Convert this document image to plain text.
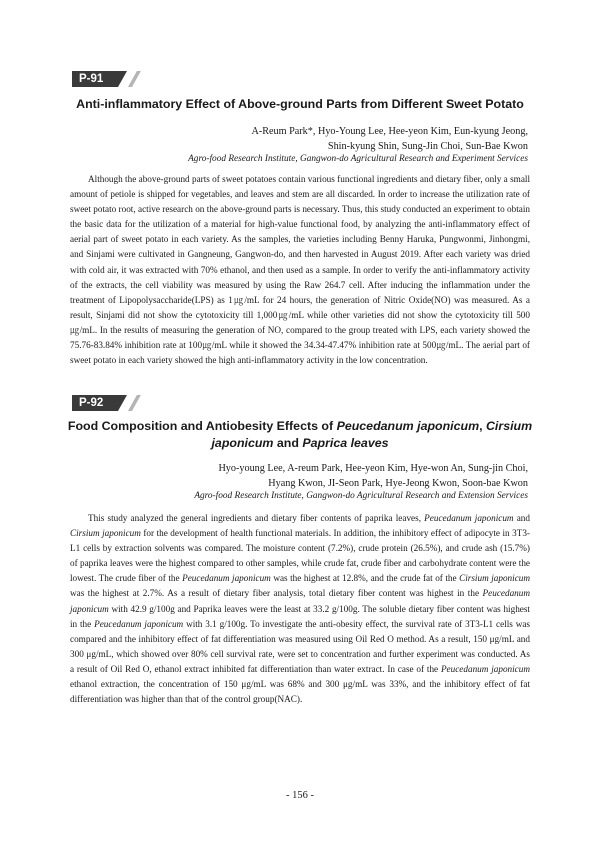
P-91
Anti-inflammatory Effect of Above-ground Parts from Different Sweet Potato
A-Reum Park*, Hyo-Young Lee, Hee-yeon Kim, Eun-kyung Jeong,
Shin-kyung Shin, Sung-Jin Choi, Sun-Bae Kwon

Agro-food Research Institute, Gangwon-do Agricultural Research and Experiment Services

Although the above-ground parts of sweet potatoes contain various functional ingredients and dietary fiber, only a small amount of petiole is shipped for vegetables, and leaves and stem are all discarded. In order to increase the utilization rate of sweet potato root, active research on the above-ground parts is necessary. Thus, this study conducted an experiment to obtain the basic data for the utilization of a material for high-value functional food, by analyzing the anti-inflammatory effect of aerial part of sweet potato in each variety. As the samples, the varieties including Benny Haruka, Pungwonmi, Jinhongmi, and Sinjami were cultivated in Gangneung, Gangwon-do, and then harvested in August 2019. After each variety was dried with cold air, it was extracted with 70% ethanol, and then used as a sample. In order to verify the anti-inflammatory activity of the extracts, the cell viability was measured by using the Raw 264.7 cell. After inducing the inflammation under the treatment of Lipopolysaccharide(LPS) as 1㎍/mL for 24 hours, the generation of Nitric Oxide(NO) was measured. As a result, Sinjami did not show the cytotoxicity till 1,000㎍/mL while other varieties did not show the cytotoxicity till 500㎍/mL. In the results of measuring the generation of NO, compared to the group treated with LPS, each variety showed the 75.76-83.84% inhibition rate at 100㎍/mL while it showed the 34.34-47.47% inhibition rate at 500㎍/mL. The aerial part of sweet potato in each variety showed the high anti-inflammatory activity in the low concentration.

P-92
Food Composition and Antiobesity Effects of Peucedanum japonicum, Cirsium japonicum and Paprica leaves
Hyo-young Lee, A-reum Park, Hee-yeon Kim, Hye-won An, Sung-jin Choi,
Hyang Kwon, JI-Seon Park, Hye-Jeong Kwon, Soon-bae Kwon

Agro-food Research Institute, Gangwon-do Agricultural Research and Extension Services

This study analyzed the general ingredients and dietary fiber contents of paprika leaves, Peucedanum japonicum and Cirsium japonicum for the development of health functional materials. In addition, the inhibitory effect of adipocyte in 3T3-L1 cells by extraction solvents was compared. The moisture content (7.2%), crude protein (26.5%), and crude ash (15.7%) of paprika leaves were the highest compared to other samples, while crude fat, crude fiber and carbohydrate content were the lowest. The crude fiber of the Peucedanum japonicum was the highest at 12.8%, and the crude fat of the Cirsium japonicum was the highest at 2.7%. As a result of dietary fiber analysis, total dietary fiber content was highest in the Peucedanum japonicum with 42.9 g/100g and Paprika leaves were the least at 33.2 g/100g. The soluble dietary fiber content was highest in the Peucedanum japonicum with 3.1 g/100g. To investigate the anti-obesity effect, the survival rate of 3T3-L1 cells was compared and the inhibitory effect of fat differentiation was measured using Oil Red O method. As a result, 150 μg/mL and 300 μg/mL, which showed over 80% cell survival rate, were set to concentration and further experiment was conducted. As a result of Oil Red O, ethanol extract inhibited fat differentiation than water extract. In case of the Peucedanum japonicum ethanol extraction, the concentration of 150 μg/mL was 68% and 300 μg/mL was 33%, and the inhibitory effect of fat differentiation was higher than that of the control group(NAC).

- 156 -
